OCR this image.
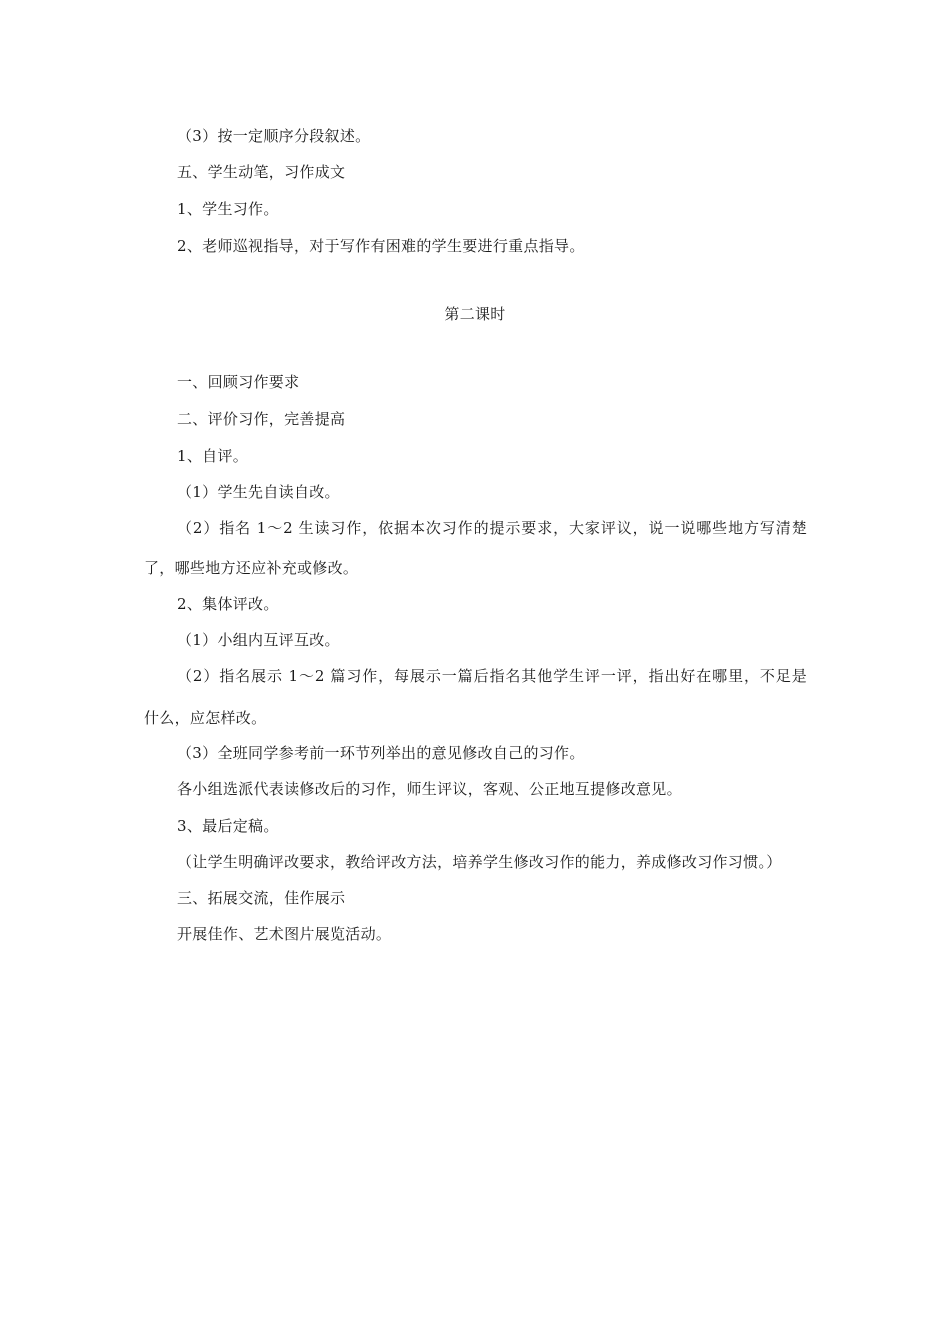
（3）按一定顺序分段叙述。
五、学生动笔，习作成文
1、学生习作。
2、老师巡视指导，对于写作有困难的学生要进行重点指导。
第二课时
一、回顾习作要求
二、评价习作，完善提高
1、自评。
（1）学生先自读自改。
（2）指名 1～2 生读习作，依据本次习作的提示要求，大家评议，说一说哪些地方写清楚
了，哪些地方还应补充或修改。
2、集体评改。
（1）小组内互评互改。
（2）指名展示 1～2 篇习作，每展示一篇后指名其他学生评一评，指出好在哪里，不足是
什么，应怎样改。
（3）全班同学参考前一环节列举出的意见修改自己的习作。
各小组选派代表读修改后的习作，师生评议，客观、公正地互提修改意见。
3、最后定稿。
（让学生明确评改要求，教给评改方法，培养学生修改习作的能力，养成修改习作习惯。）
三、拓展交流，佳作展示
开展佳作、艺术图片展览活动。
